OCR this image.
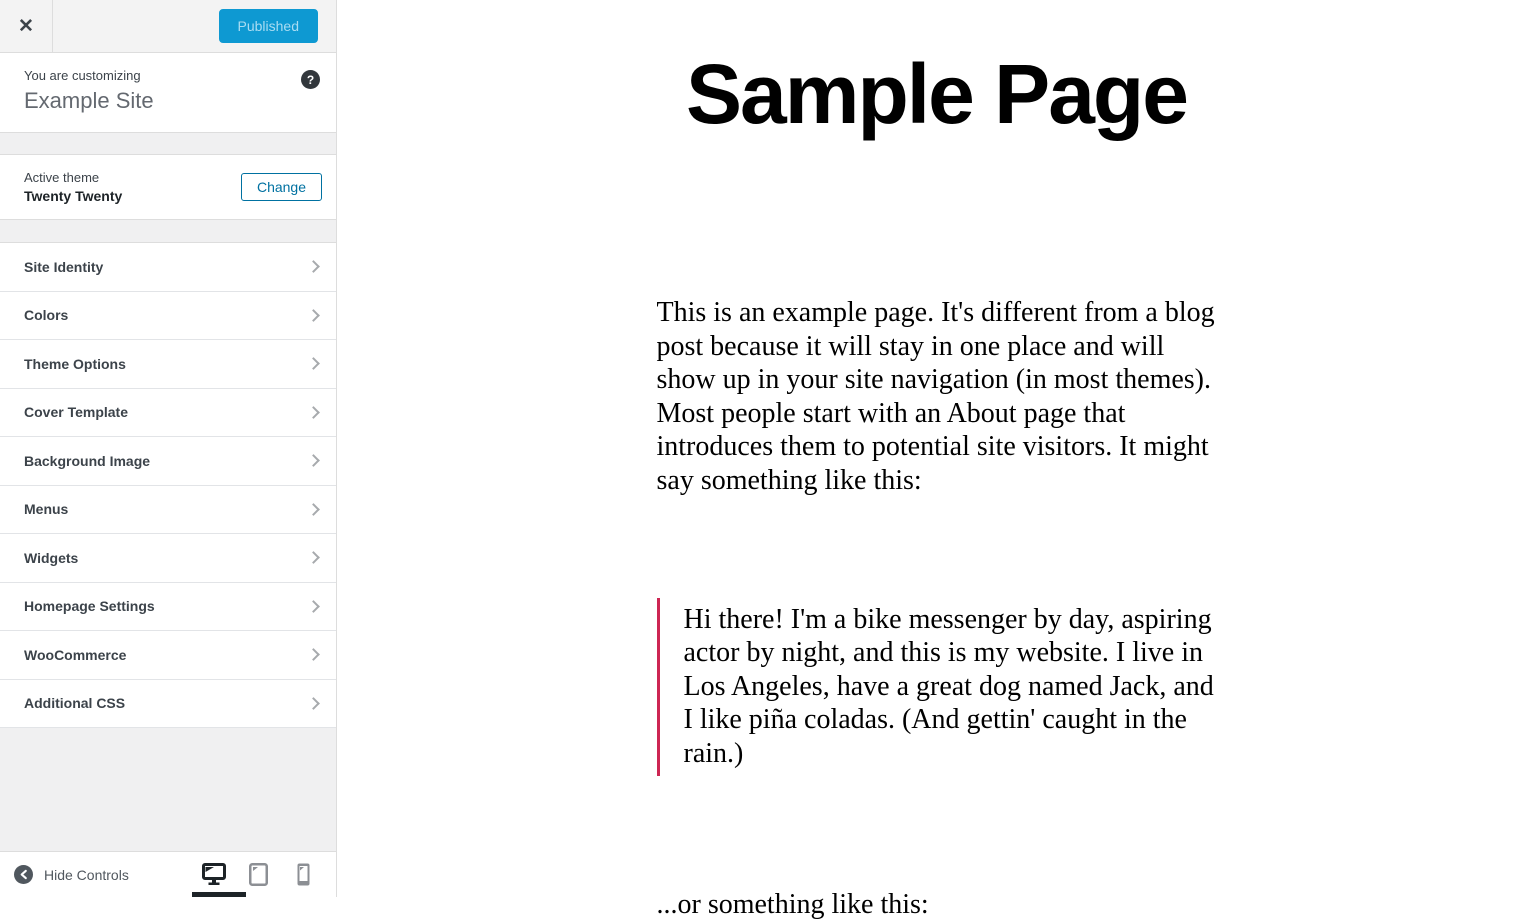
✕	Published
You are customizing
Example Site
?
Active theme
Twenty Twenty
Change
Site Identity
Colors
Theme Options
Cover Template
Background Image
Menus
Widgets
Homepage Settings
WooCommerce
Additional CSS
Hide Controls
Sample Page

This is an example page. It's different from a blog post because it will stay in one place and will show up in your site navigation (in most themes). Most people start with an About page that introduces them to potential site visitors. It might say something like this:

Hi there! I'm a bike messenger by day, aspiring actor by night, and this is my website. I live in Los Angeles, have a great dog named Jack, and I like piña coladas. (And gettin' caught in the rain.)

...or something like this:
